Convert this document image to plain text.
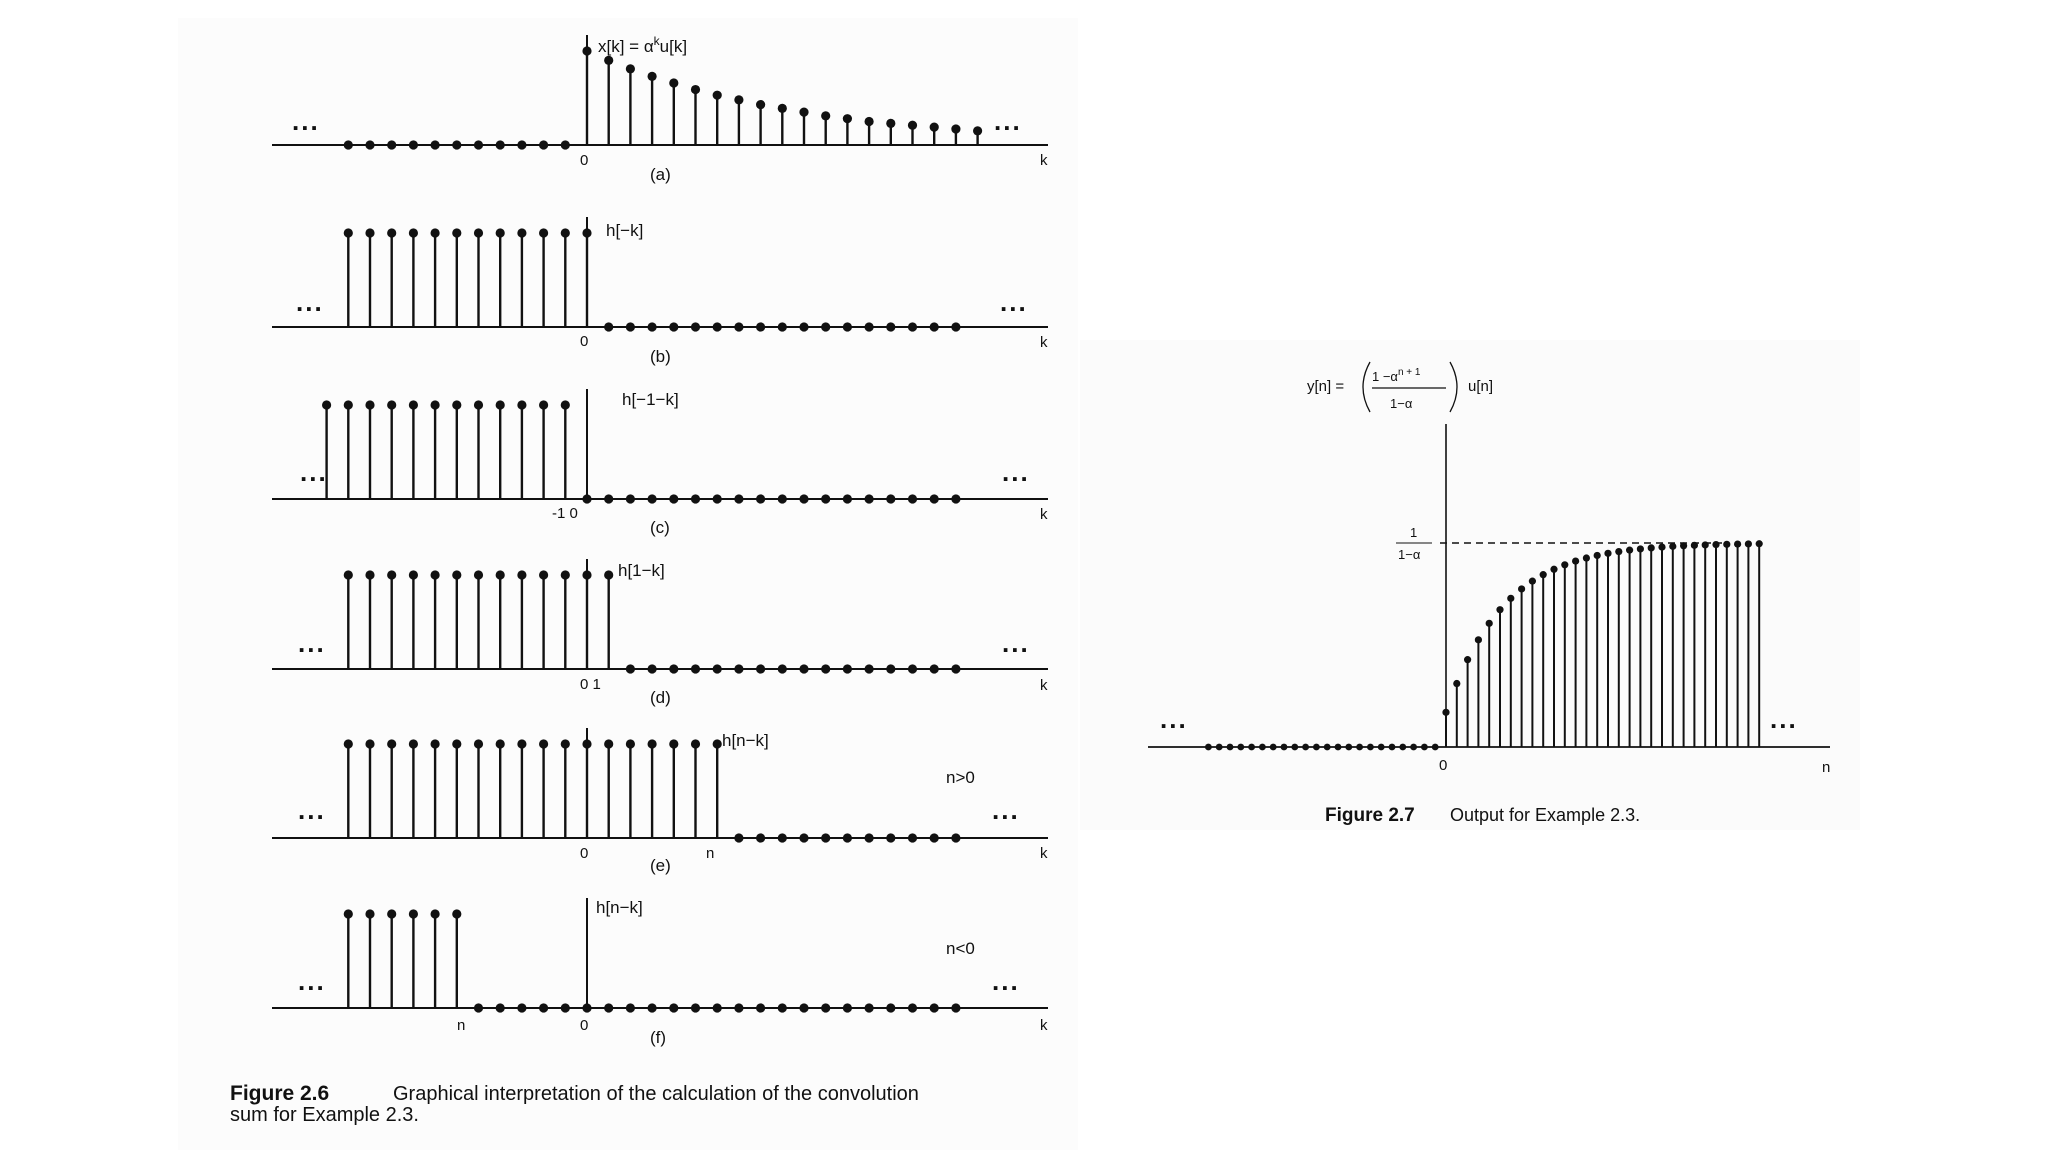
$x[k] = \alpha^ku[k]$
h[−k]
h[−1−k]
h[1−k]
h[n−k]
h[n−k]
(a)
(b)
(c)
(d)
(e)
(f)
0
0
-1 0
0 1
0	n
n	0
k
k
k
k
k
k
n>0
n<0
...	...
...	...
...	...
...	...
...	...
...	...
Figure 2.6	Graphical interpretation of the calculation of the convolution
sum for Example 2.3.
y[n] =
$1 -\alpha^{n + 1}$
1−α
u[n]
1
1−α
0	n
...	...
Figure 2.7 Output for Example 2.3.
